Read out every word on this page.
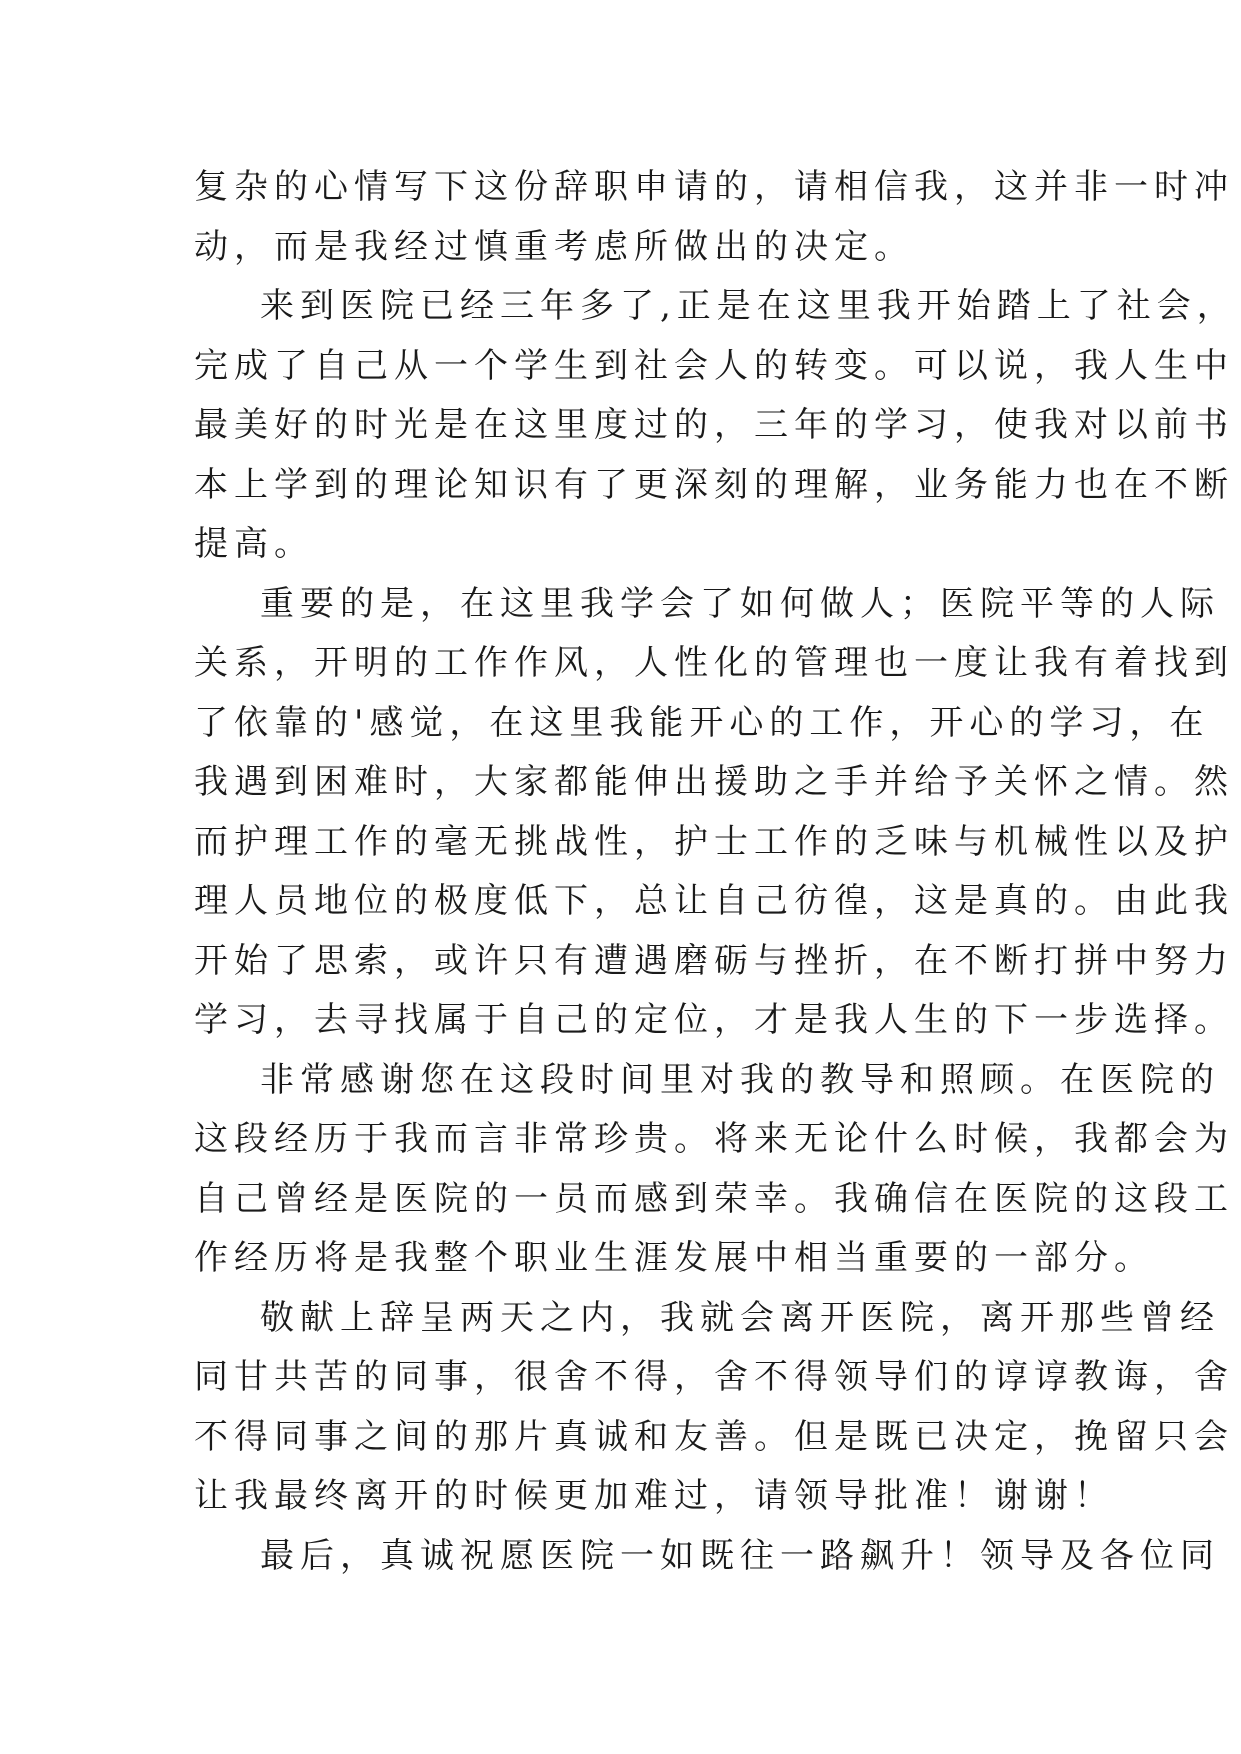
复杂的心情写下这份辞职申请的，请相信我，这并非一时冲
动，而是我经过慎重考虑所做出的决定。
来到医院已经三年多了,正是在这里我开始踏上了社会，
完成了自己从一个学生到社会人的转变。可以说，我人生中
最美好的时光是在这里度过的，三年的学习，使我对以前书
本上学到的理论知识有了更深刻的理解，业务能力也在不断
提高。
重要的是，在这里我学会了如何做人；医院平等的人际
关系，开明的工作作风，人性化的管理也一度让我有着找到
了依靠的'感觉，在这里我能开心的工作，开心的学习，在
我遇到困难时，大家都能伸出援助之手并给予关怀之情。然
而护理工作的毫无挑战性，护士工作的乏味与机械性以及护
理人员地位的极度低下，总让自己彷徨，这是真的。由此我
开始了思索，或许只有遭遇磨砺与挫折，在不断打拼中努力
学习，去寻找属于自己的定位，才是我人生的下一步选择。
非常感谢您在这段时间里对我的教导和照顾。在医院的
这段经历于我而言非常珍贵。将来无论什么时候，我都会为
自己曾经是医院的一员而感到荣幸。我确信在医院的这段工
作经历将是我整个职业生涯发展中相当重要的一部分。
敬献上辞呈两天之内，我就会离开医院，离开那些曾经
同甘共苦的同事，很舍不得，舍不得领导们的谆谆教诲，舍
不得同事之间的那片真诚和友善。但是既已决定，挽留只会
让我最终离开的时候更加难过，请领导批准！谢谢！
最后，真诚祝愿医院一如既往一路飙升！领导及各位同
